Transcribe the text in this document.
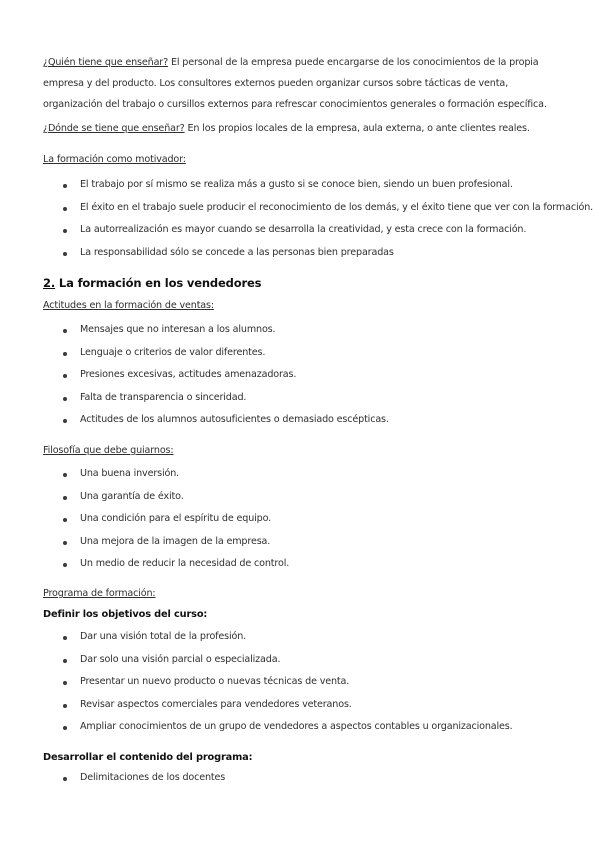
¿Quién tiene que enseñar? El personal de la empresa puede encargarse de los conocimientos de la propia empresa y del producto. Los consultores externos pueden organizar cursos sobre tácticas de venta, organización del trabajo o cursillos externos para refrescar conocimientos generales o formación específica.
¿Dónde se tiene que enseñar? En los propios locales de la empresa, aula externa, o ante clientes reales.
La formación como motivador:
El trabajo por sí mismo se realiza más a gusto si se conoce bien, siendo un buen profesional.
El éxito en el trabajo suele producir el reconocimiento de los demás, y el éxito tiene que ver con la formación.
La autorrealización es mayor cuando se desarrolla la creatividad, y esta crece con la formación.
La responsabilidad sólo se concede a las personas bien preparadas
2. La formación en los vendedores
Actitudes en la formación de ventas:
Mensajes que no interesan a los alumnos.
Lenguaje o criterios de valor diferentes.
Presiones excesivas, actitudes amenazadoras.
Falta de transparencia o sinceridad.
Actitudes de los alumnos autosuficientes o demasiado escépticas.
Filosofía que debe guiarnos:
Una buena inversión.
Una garantía de éxito.
Una condición para el espíritu de equipo.
Una mejora de la imagen de la empresa.
Un medio de reducir la necesidad de control.
Programa de formación:
Definir los objetivos del curso:
Dar una visión total de la profesión.
Dar solo una visión parcial o especializada.
Presentar un nuevo producto o nuevas técnicas de venta.
Revisar aspectos comerciales para vendedores veteranos.
Ampliar conocimientos de un grupo de vendedores a aspectos contables u organizacionales.
Desarrollar el contenido del programa:
Delimitaciones de los docentes
